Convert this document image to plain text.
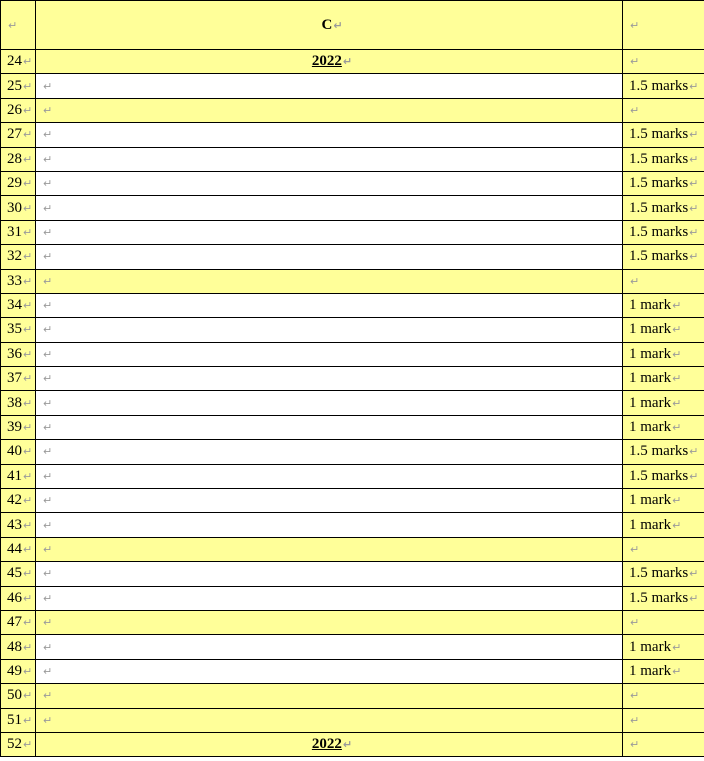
↵	C↵	↵
24↵	2022↵	↵
25↵	↵	1.5 marks↵
26↵	↵	↵
27↵	↵	1.5 marks↵
28↵	↵	1.5 marks↵
29↵	↵	1.5 marks↵
30↵	↵	1.5 marks↵
31↵	↵	1.5 marks↵
32↵	↵	1.5 marks↵
33↵	↵	↵
34↵	↵	1 mark↵
35↵	↵	1 mark↵
36↵	↵	1 mark↵
37↵	↵	1 mark↵
38↵	↵	1 mark↵
39↵	↵	1 mark↵
40↵	↵	1.5 marks↵
41↵	↵	1.5 marks↵
42↵	↵	1 mark↵
43↵	↵	1 mark↵
44↵	↵	↵
45↵	↵	1.5 marks↵
46↵	↵	1.5 marks↵
47↵	↵	↵
48↵	↵	1 mark↵
49↵	↵	1 mark↵
50↵	↵	↵
51↵	↵	↵
52↵	2022↵	↵
